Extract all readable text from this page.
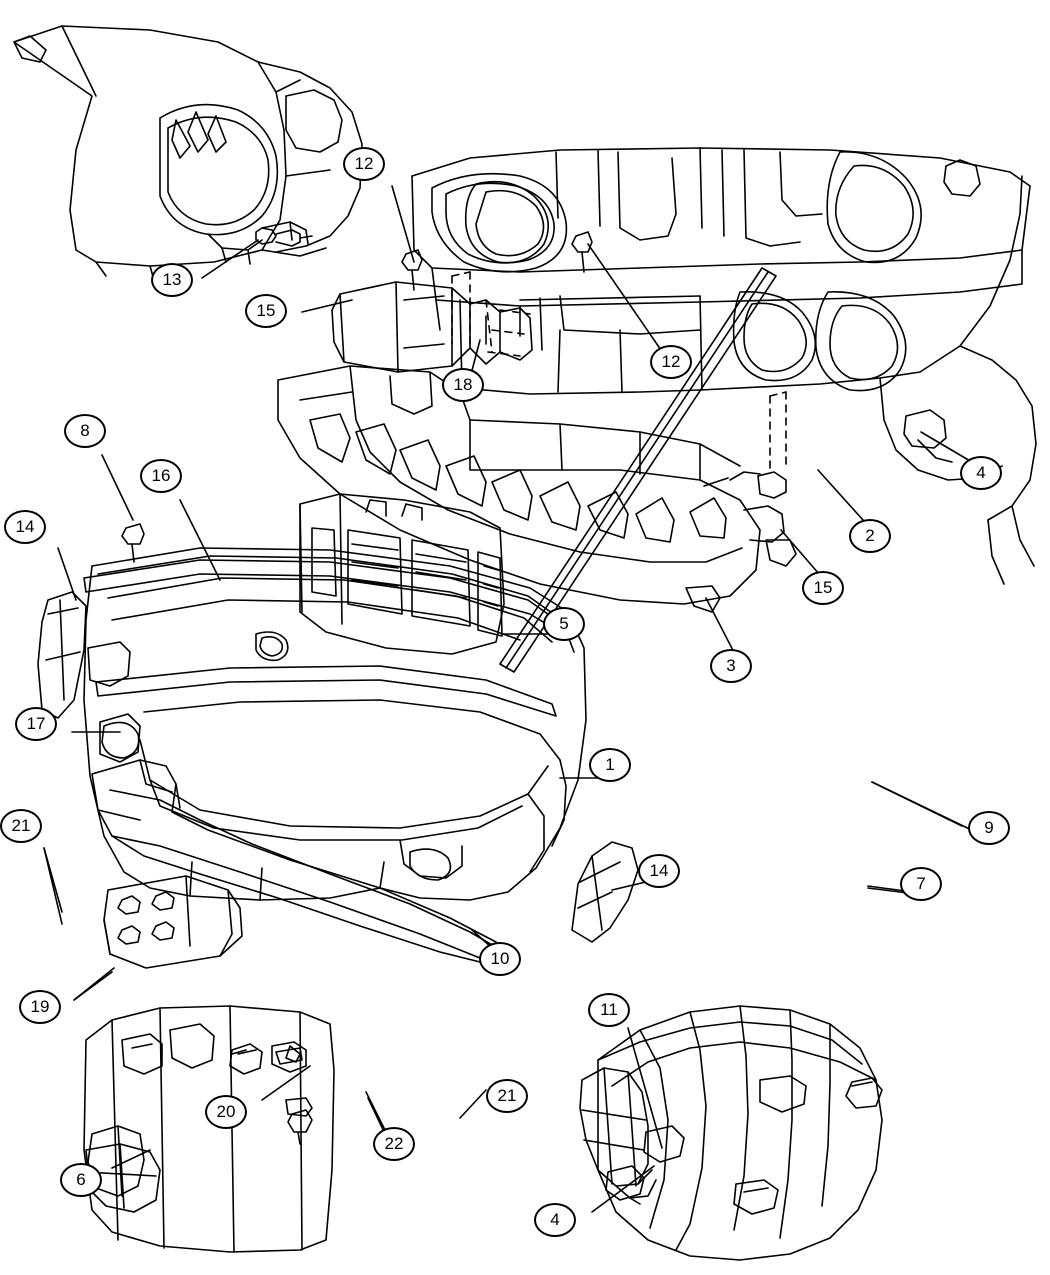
1
2
3
4
5
6
7
8
9
10
11
12
12
13
14
14
15
15
16
17
18
19
20
21
21
22
4
